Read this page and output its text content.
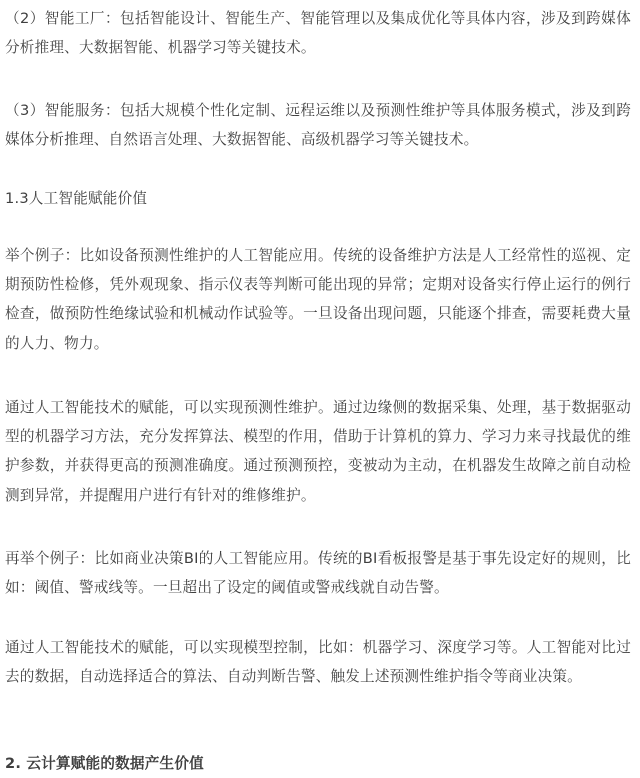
（2）智能工厂：包括智能设计、智能生产、智能管理以及集成优化等具体内容，涉及到跨媒体分析推理、大数据智能、机器学习等关键技术。

（3）智能服务：包括大规模个性化定制、远程运维以及预测性维护等具体服务模式，涉及到跨媒体分析推理、自然语言处理、大数据智能、高级机器学习等关键技术。

1.3人工智能赋能价值

举个例子：比如设备预测性维护的人工智能应用。传统的设备维护方法是人工经常性的巡视、定期预防性检修，凭外观现象、指示仪表等判断可能出现的异常；定期对设备实行停止运行的例行检查，做预防性绝缘试验和机械动作试验等。一旦设备出现问题，只能逐个排查，需要耗费大量的人力、物力。

通过人工智能技术的赋能，可以实现预测性维护。通过边缘侧的数据采集、处理，基于数据驱动型的机器学习方法，充分发挥算法、模型的作用，借助于计算机的算力、学习力来寻找最优的维护参数，并获得更高的预测准确度。通过预测预控，变被动为主动，在机器发生故障之前自动检测到异常，并提醒用户进行有针对的维修维护。

再举个例子：比如商业决策BI的人工智能应用。传统的BI看板报警是基于事先设定好的规则，比如：阈值、警戒线等。一旦超出了设定的阈值或警戒线就自动告警。

通过人工智能技术的赋能，可以实现模型控制，比如：机器学习、深度学习等。人工智能对比过去的数据，自动选择适合的算法、自动判断告警、触发上述预测性维护指令等商业决策。

2. 云计算赋能的数据产生价值
